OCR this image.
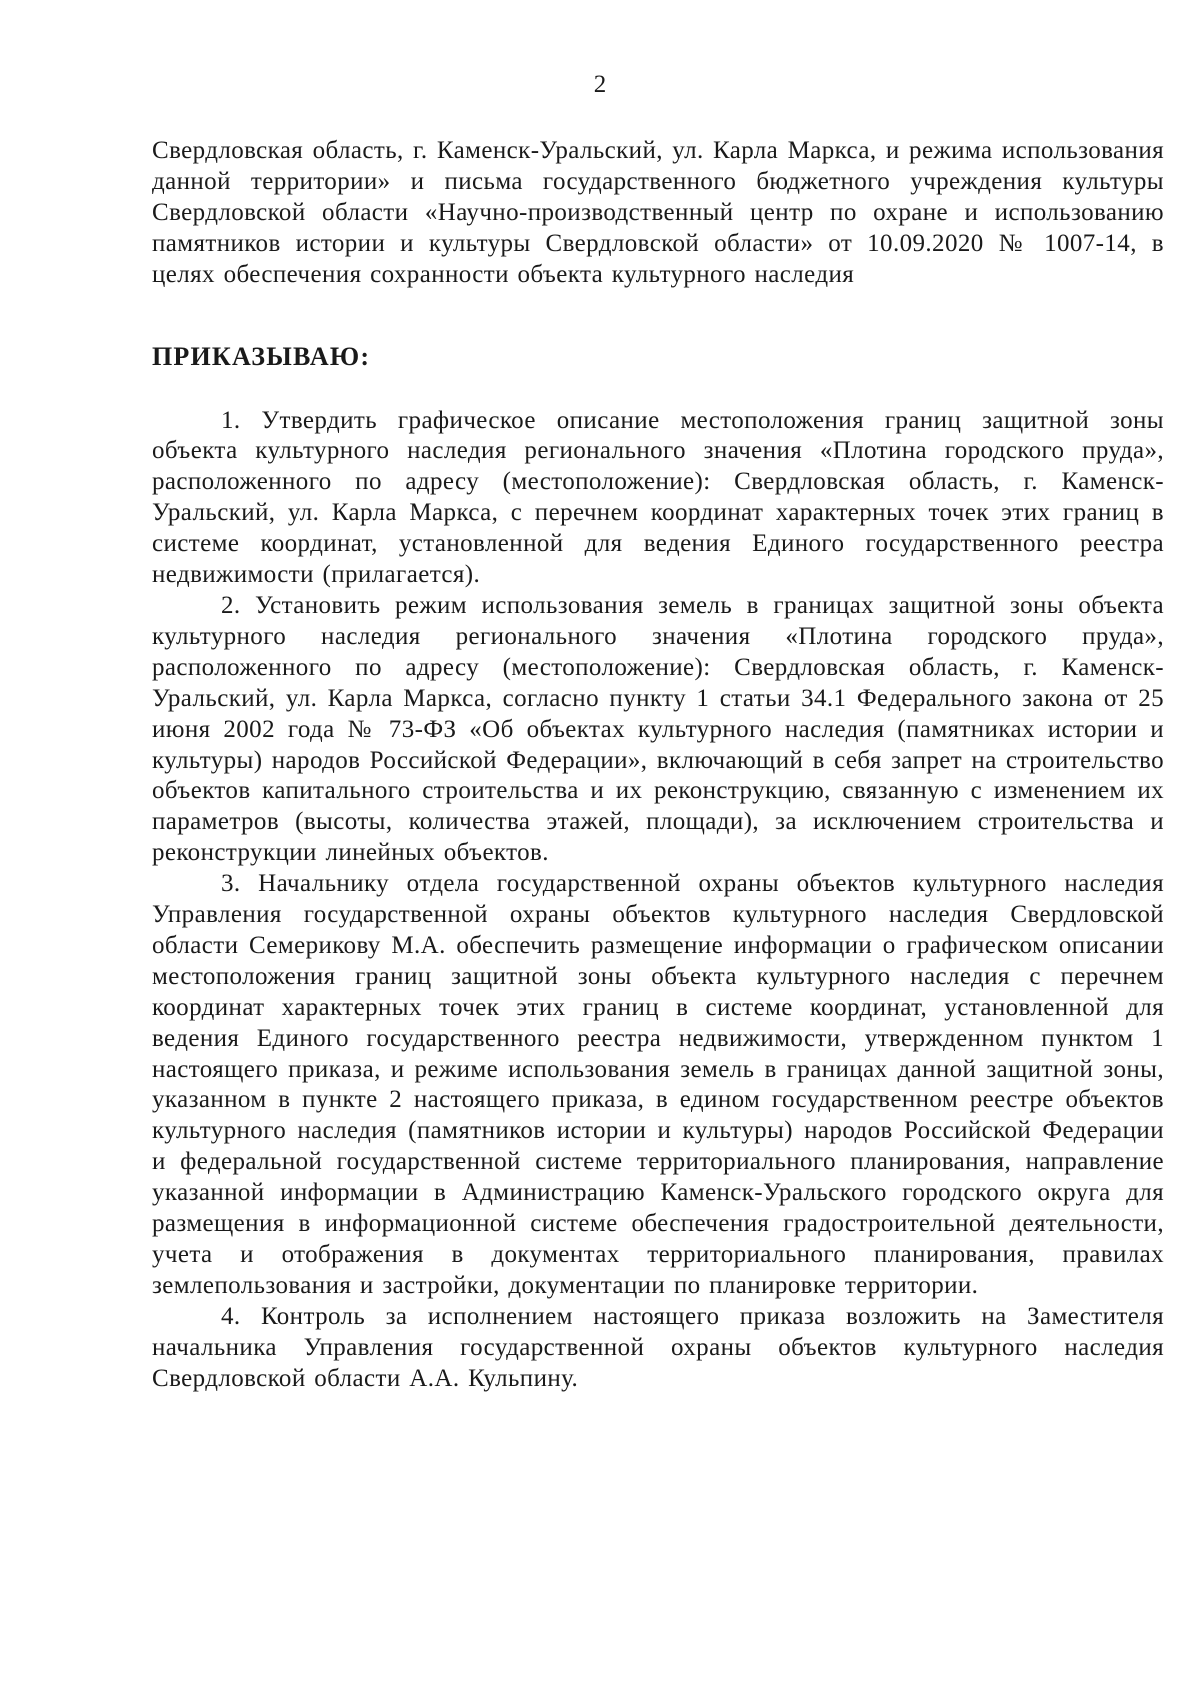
2

Свердловская область, г. Каменск-Уральский, ул. Карла Маркса, и режима использования данной территории» и письма государственного бюджетного учреждения культуры Свердловской области «Научно-производственный центр по охране и использованию памятников истории и культуры Свердловской области» от 10.09.2020 № 1007-14, в целях обеспечения сохранности объекта культурного наследия

ПРИКАЗЫВАЮ:

1. Утвердить графическое описание местоположения границ защитной зоны объекта культурного наследия регионального значения «Плотина городского пруда», расположенного по адресу (местоположение): Свердловская область, г. Каменск-Уральский, ул. Карла Маркса, с перечнем координат характерных точек этих границ в системе координат, установленной для ведения Единого государственного реестра недвижимости (прилагается).

2. Установить режим использования земель в границах защитной зоны объекта культурного наследия регионального значения «Плотина городского пруда», расположенного по адресу (местоположение): Свердловская область, г. Каменск-Уральский, ул. Карла Маркса, согласно пункту 1 статьи 34.1 Федерального закона от 25 июня 2002 года № 73-ФЗ «Об объектах культурного наследия (памятниках истории и культуры) народов Российской Федерации», включающий в себя запрет на строительство объектов капитального строительства и их реконструкцию, связанную с изменением их параметров (высоты, количества этажей, площади), за исключением строительства и реконструкции линейных объектов.

3. Начальнику отдела государственной охраны объектов культурного наследия Управления государственной охраны объектов культурного наследия Свердловской области Семерикову М.А. обеспечить размещение информации о графическом описании местоположения границ защитной зоны объекта культурного наследия с перечнем координат характерных точек этих границ в системе координат, установленной для ведения Единого государственного реестра недвижимости, утвержденном пунктом 1 настоящего приказа, и режиме использования земель в границах данной защитной зоны, указанном в пункте 2 настоящего приказа, в едином государственном реестре объектов культурного наследия (памятников истории и культуры) народов Российской Федерации и федеральной государственной системе территориального планирования, направление указанной информации в Администрацию Каменск-Уральского городского округа для размещения в информационной системе обеспечения градостроительной деятельности, учета и отображения в документах территориального планирования, правилах землепользования и застройки, документации по планировке территории.

4. Контроль за исполнением настоящего приказа возложить на Заместителя начальника Управления государственной охраны объектов культурного наследия Свердловской области А.А. Кульпину.
